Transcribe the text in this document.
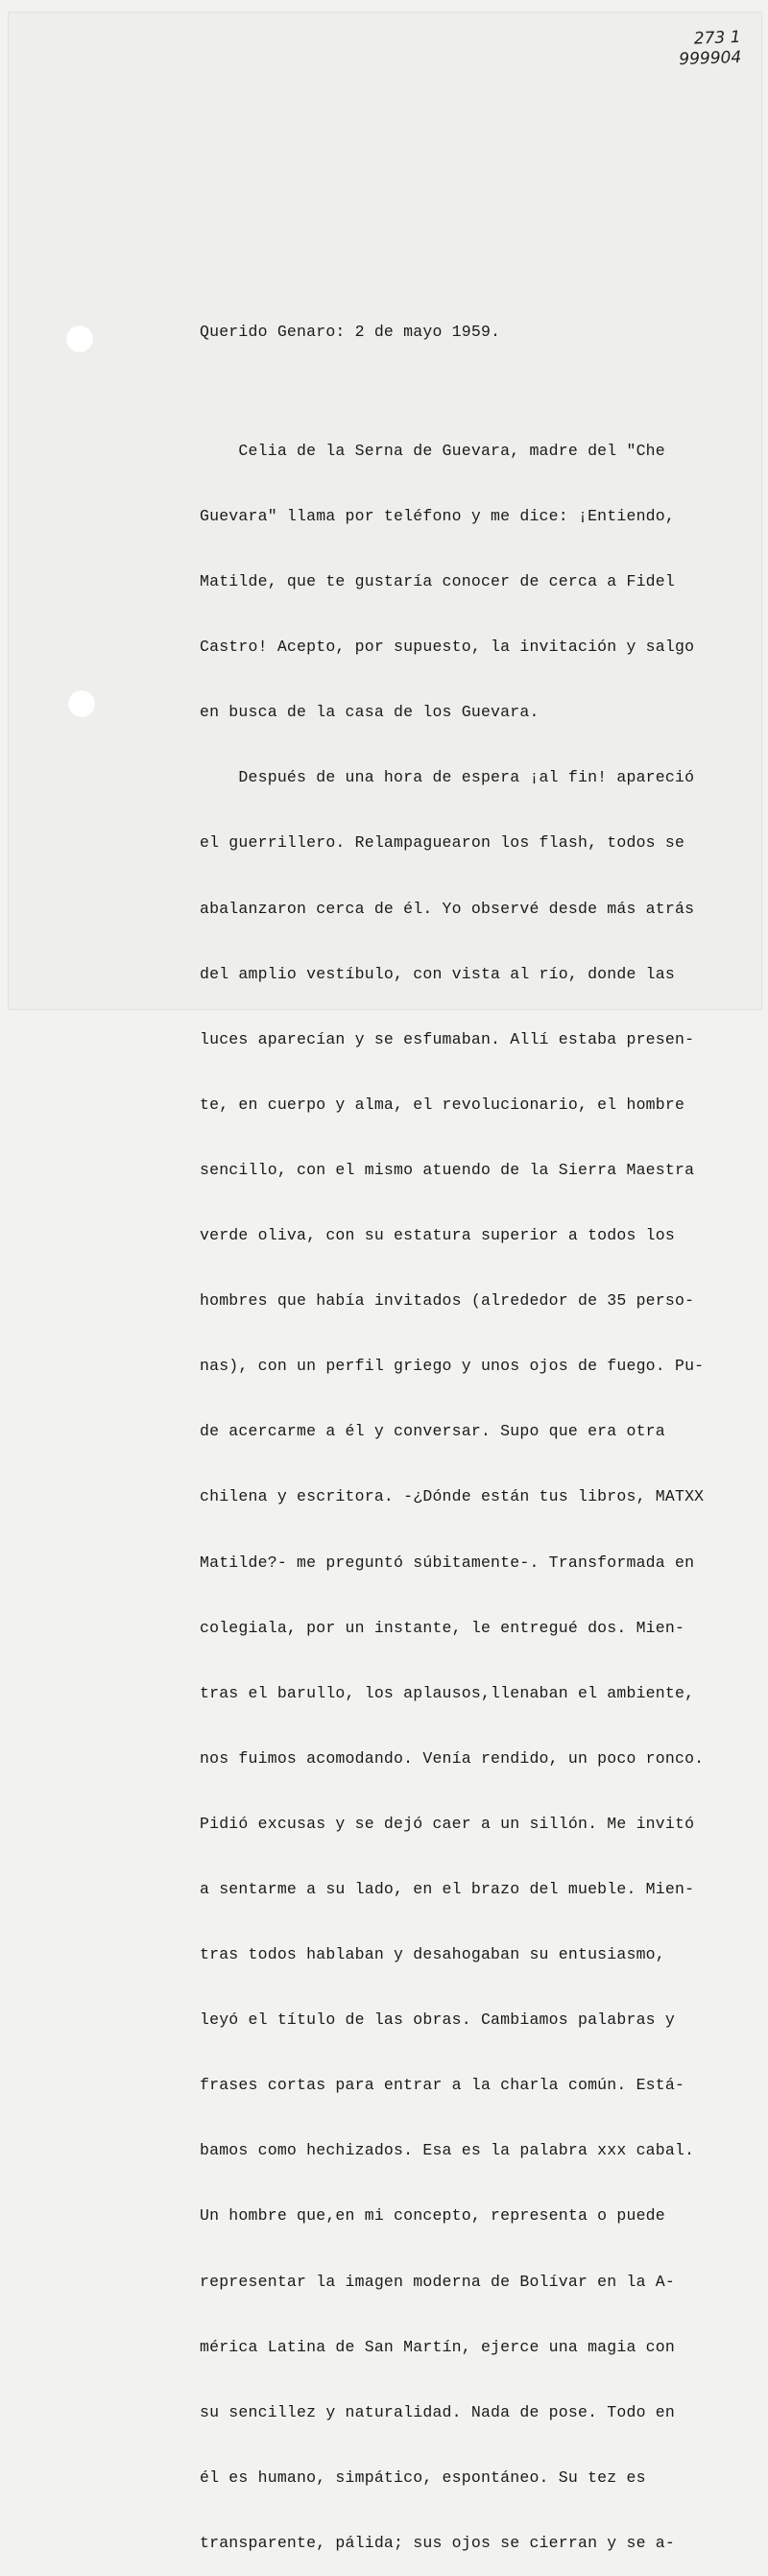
273 1
999904

Querido Genaro: 2 de mayo 1959.

Celia de la Serna de Guevara, madre del "Che

Guevara" llama por teléfono y me dice: ¡Entiendo,

Matilde, que te gustaría conocer de cerca a Fidel

Castro! Acepto, por supuesto, la invitación y salgo

en busca de la casa de los Guevara.

Después de una hora de espera ¡al fin! apareció

el guerrillero. Relampaguearon los flash, todos se

abalanzaron cerca de él. Yo observé desde más atrás

del amplio vestíbulo, con vista al río, donde las

luces aparecían y se esfumaban. Allí estaba presen-

te, en cuerpo y alma, el revolucionario, el hombre

sencillo, con el mismo atuendo de la Sierra Maestra

verde oliva, con su estatura superior a todos los

hombres que había invitados (alrededor de 35 perso-

nas), con un perfil griego y unos ojos de fuego. Pu-

de acercarme a él y conversar. Supo que era otra

chilena y escritora. -¿Dónde están tus libros, MATXX

Matilde?- me preguntó súbitamente-. Transformada en

colegiala, por un instante, le entregué dos. Mien-

tras el barullo, los aplausos,llenaban el ambiente,

nos fuimos acomodando. Venía rendido, un poco ronco.

Pidió excusas y se dejó caer a un sillón. Me invitó

a sentarme a su lado, en el brazo del mueble. Mien-

tras todos hablaban y desahogaban su entusiasmo,

leyó el título de las obras. Cambiamos palabras y

frases cortas para entrar a la charla común. Está-

bamos como hechizados. Esa es la palabra xxx cabal.

Un hombre que,en mi concepto, representa o puede

representar la imagen moderna de Bolívar en la A-

mérica Latina de San Martín, ejerce una magia con

su sencillez y naturalidad. Nada de pose. Todo en

él es humano, simpático, espontáneo. Su tez es

transparente, pálida; sus ojos se cierran y se a-
